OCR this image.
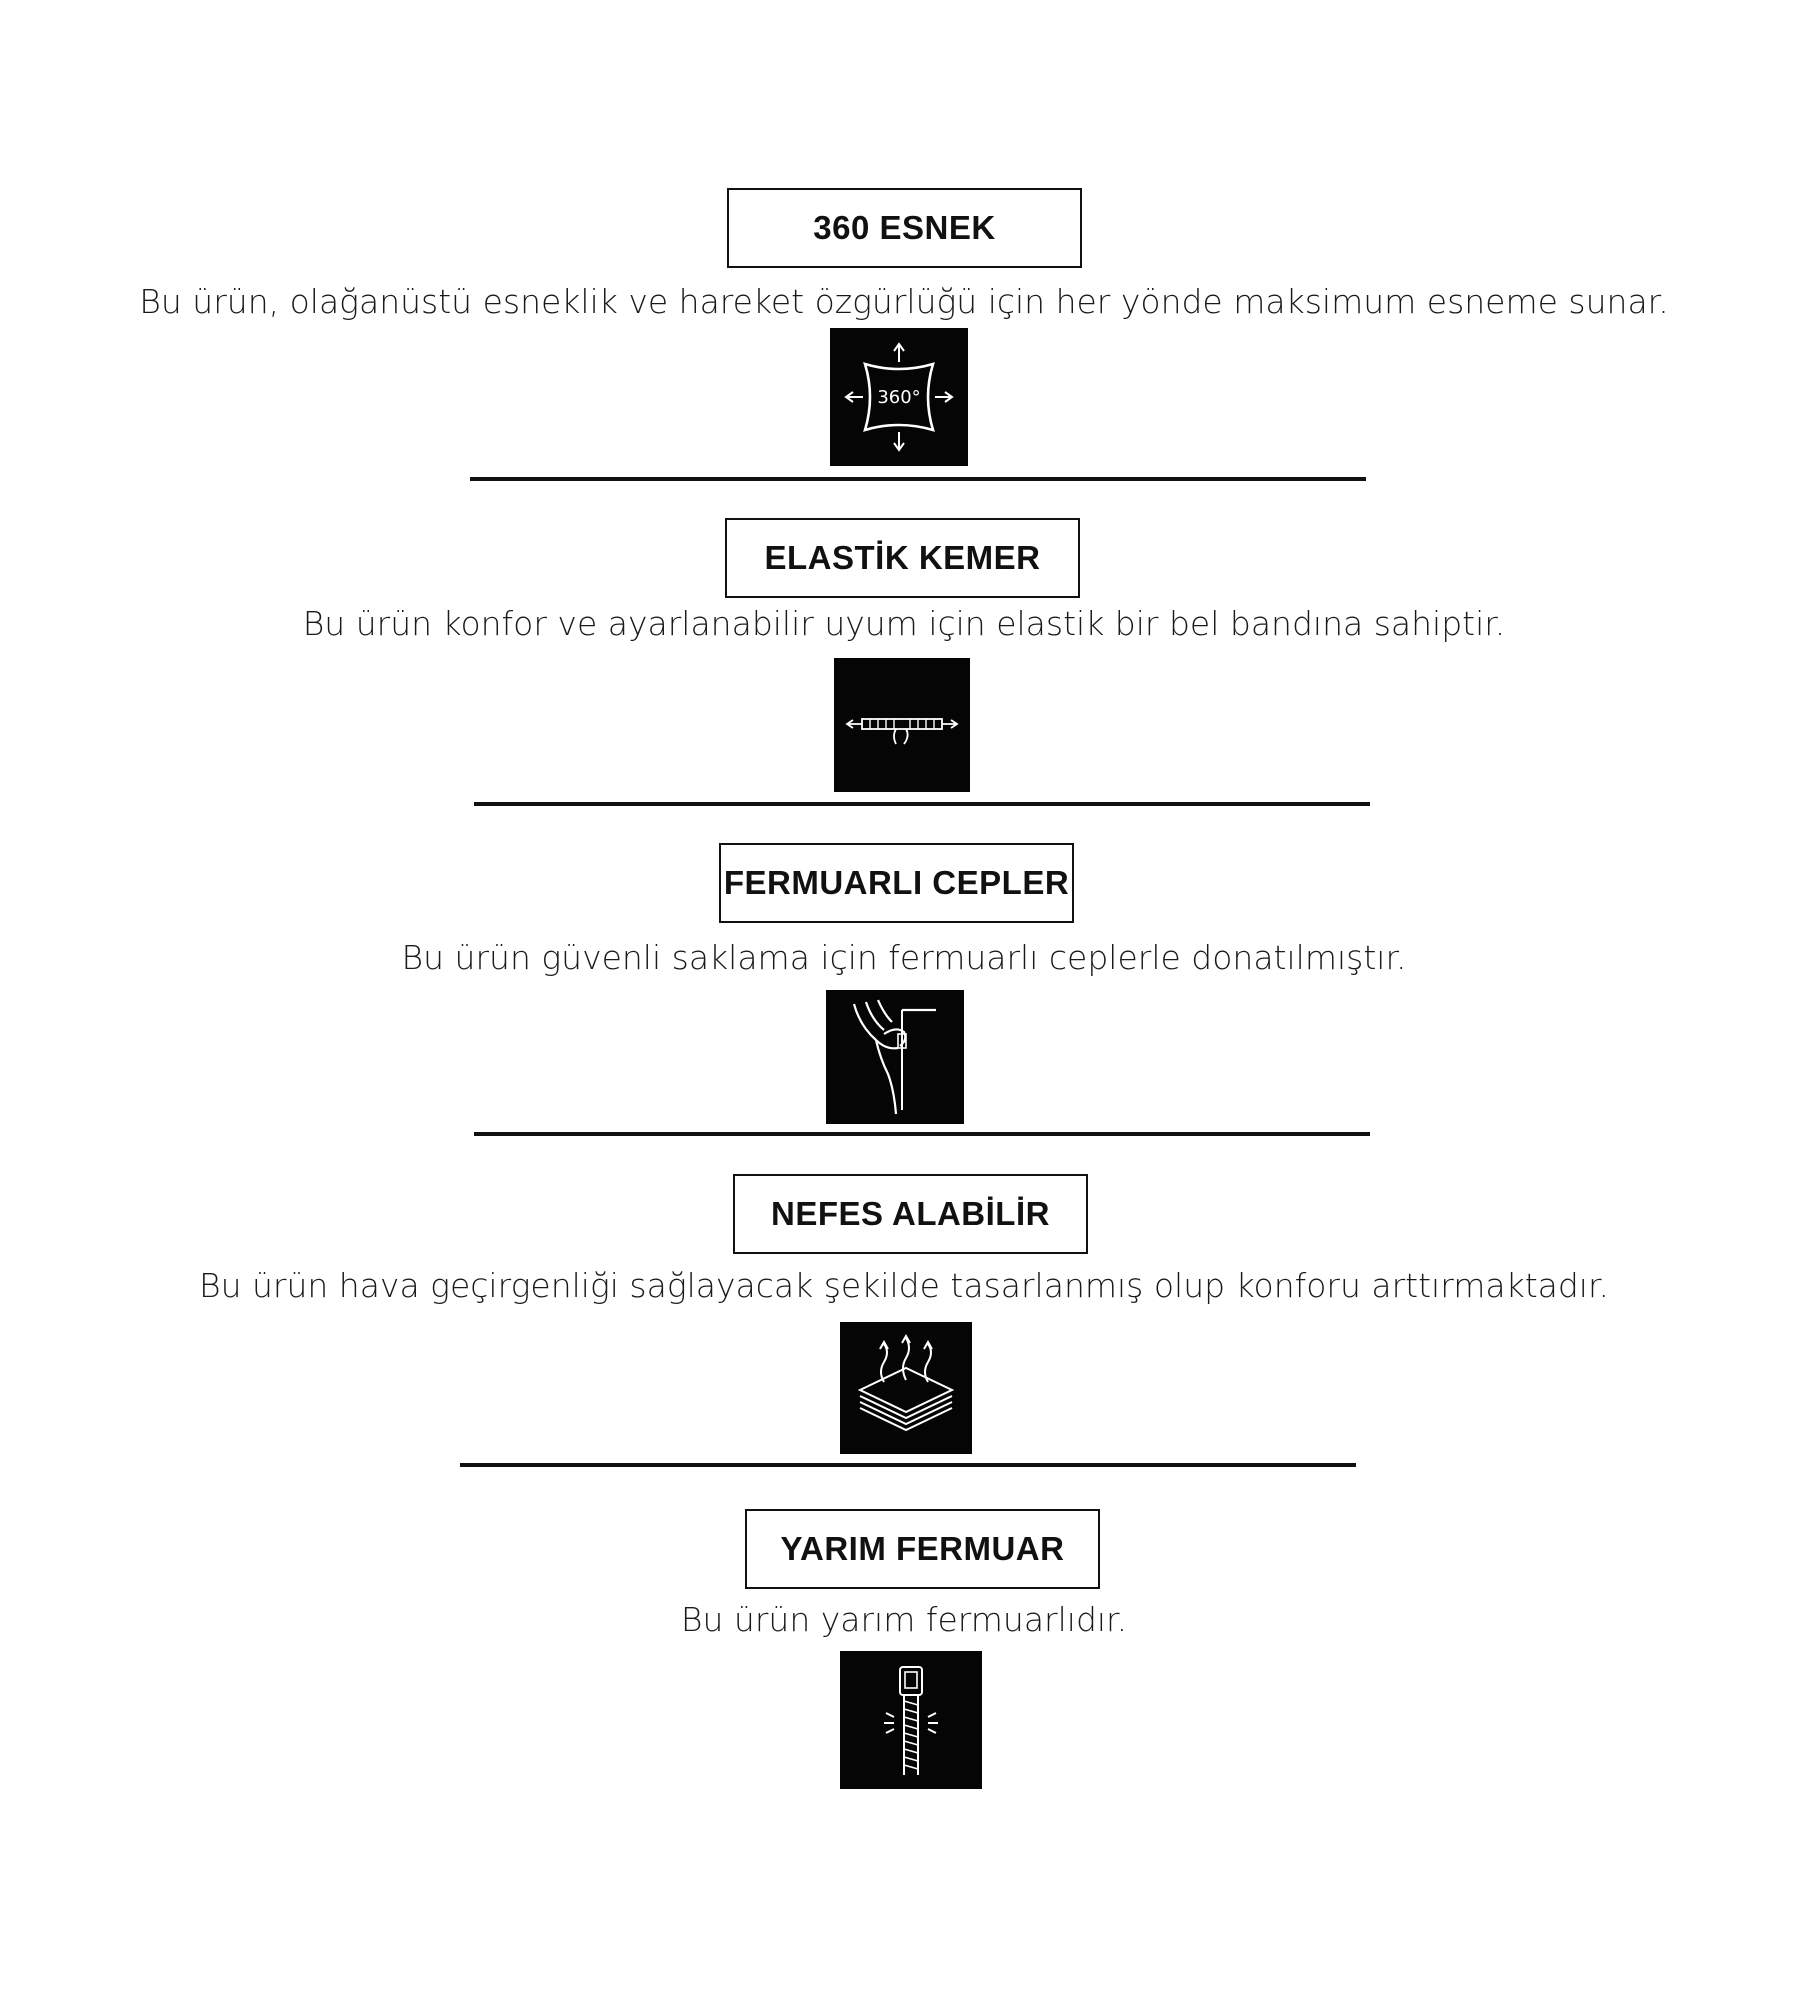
360 ESNEK
Bu ürün, olağanüstü esneklik ve hareket özgürlüğü için her yönde maksimum esneme sunar.
360°
ELASTİK KEMER
Bu ürün konfor ve ayarlanabilir uyum için elastik bir bel bandına sahiptir.
FERMUARLI CEPLER
Bu ürün güvenli saklama için fermuarlı ceplerle donatılmıştır.
NEFES ALABİLİR
Bu ürün hava geçirgenliği sağlayacak şekilde tasarlanmış olup konforu arttırmaktadır.
YARIM FERMUAR
Bu ürün yarım fermuarlıdır.
